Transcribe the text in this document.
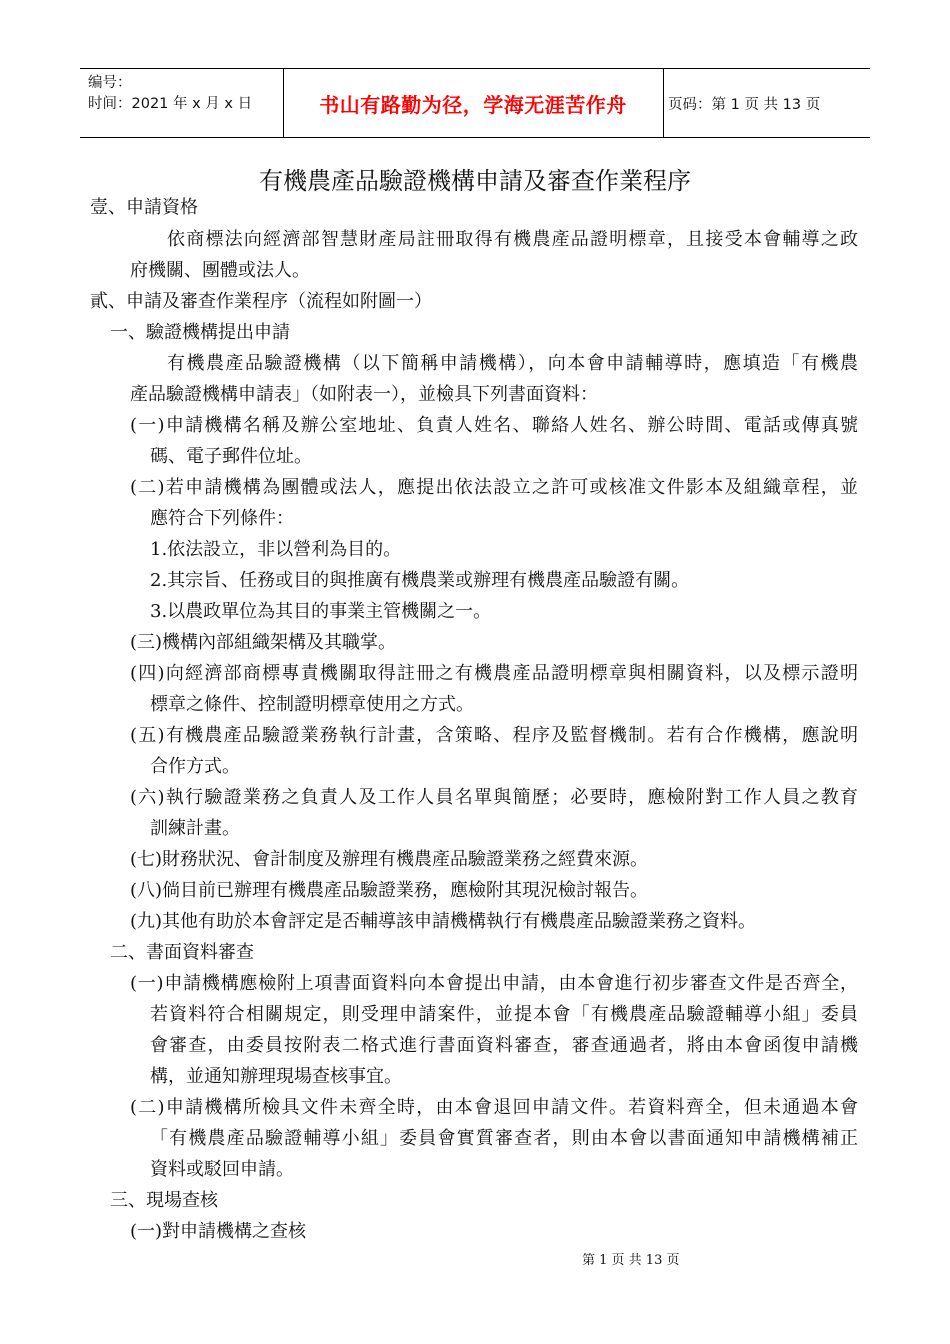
编号：
时间：2021 年 x 月 x 日	书山有路勤为径，学海无涯苦作舟	页码：第 1 页 共 13 页
有機農產品驗證機構申請及審查作業程序
壹、申請資格
依商標法向經濟部智慧財產局註冊取得有機農產品證明標章，且接受本會輔導之政
府機關、團體或法人。
貳、申請及審查作業程序（流程如附圖一）
一、驗證機構提出申請
有機農產品驗證機構（以下簡稱申請機構），向本會申請輔導時，應填造「有機農
產品驗證機構申請表」（如附表一），並檢具下列書面資料：
(一)申請機構名稱及辦公室地址、負責人姓名、聯絡人姓名、辦公時間、電話或傳真號
碼、電子郵件位址。
(二)若申請機構為團體或法人，應提出依法設立之許可或核准文件影本及組織章程，並
應符合下列條件：
1.依法設立，非以營利為目的。
2.其宗旨、任務或目的與推廣有機農業或辦理有機農產品驗證有關。
3.以農政單位為其目的事業主管機關之一。
(三)機構內部組織架構及其職掌。
(四)向經濟部商標專責機關取得註冊之有機農產品證明標章與相關資料，以及標示證明
標章之條件、控制證明標章使用之方式。
(五)有機農產品驗證業務執行計畫，含策略、程序及監督機制。若有合作機構，應說明
合作方式。
(六)執行驗證業務之負責人及工作人員名單與簡歷；必要時，應檢附對工作人員之教育
訓練計畫。
(七)財務狀況、會計制度及辦理有機農產品驗證業務之經費來源。
(八)倘目前已辦理有機農產品驗證業務，應檢附其現況檢討報告。
(九)其他有助於本會評定是否輔導該申請機構執行有機農產品驗證業務之資料。
二、書面資料審查
(一)申請機構應檢附上項書面資料向本會提出申請，由本會進行初步審查文件是否齊全，
若資料符合相關規定，則受理申請案件，並提本會「有機農產品驗證輔導小組」委員
會審查，由委員按附表二格式進行書面資料審查，審查通過者，將由本會函復申請機
構，並通知辦理現場查核事宜。
(二)申請機構所檢具文件未齊全時，由本會退回申請文件。若資料齊全，但未通過本會
「有機農產品驗證輔導小組」委員會實質審查者，則由本會以書面通知申請機構補正
資料或駁回申請。
三、現場查核
(一)對申請機構之查核
第 1 页 共 13 页
